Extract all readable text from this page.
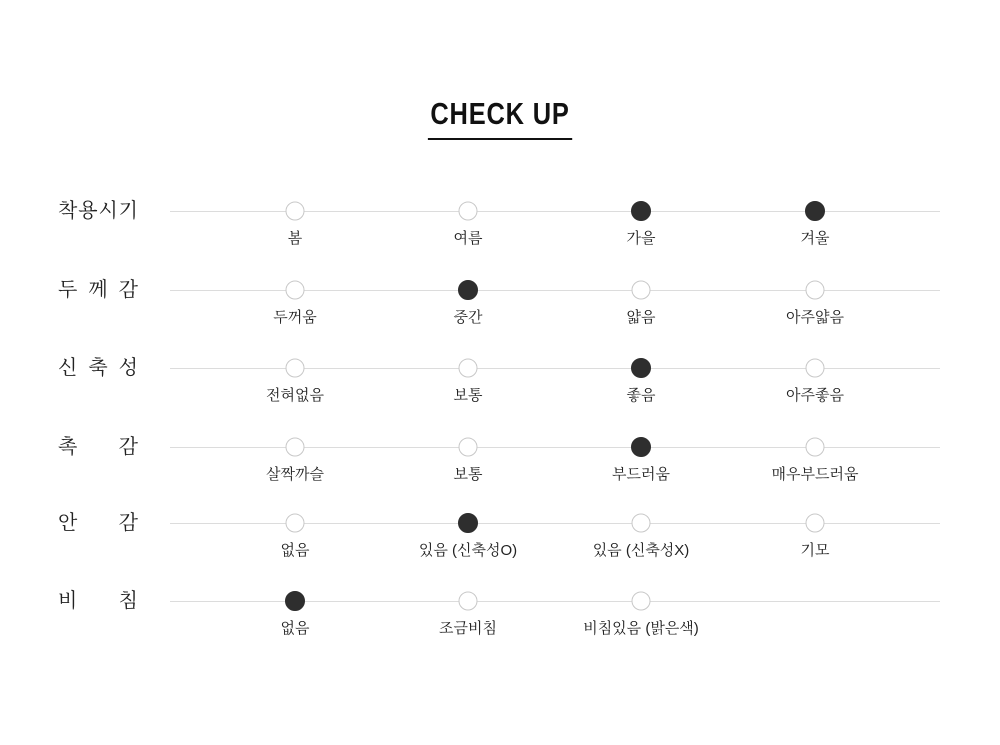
CHECK UP
착 용 시 기
봄	여름	가을	겨울
두 께 감
두꺼움	중간	얇음	아주얇음
신 축 성
전혀없음	보통	좋음	아주좋음
촉 감
살짝까슬	보통	부드러움	매우부드러움
안 감
없음	있음 (신축성O)	있음 (신축성X)	기모
비 침
없음	조금비침	비침있음 (밝은색)
